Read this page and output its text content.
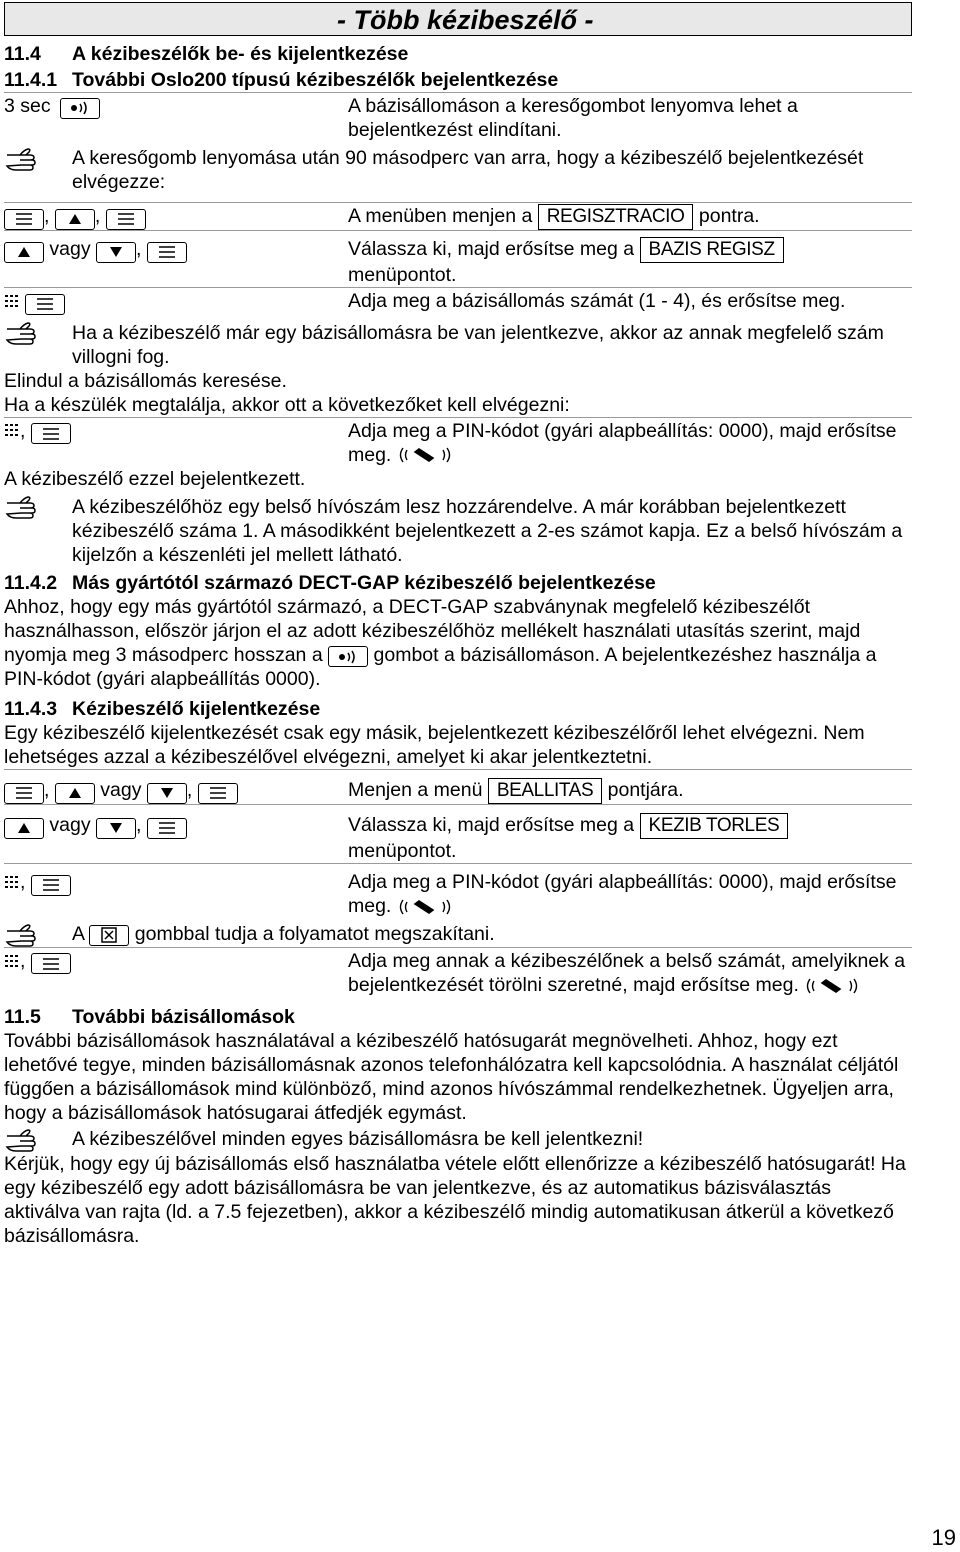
- Több kézibeszélő -
11.4 A kézibeszélők be- és kijelentkezése
11.4.1 További Oslo200 típusú kézibeszélők bejelentkezése
3 sec	A bázisállomáson a keresőgombot lenyomva lehet a bejelentkezést elindítani.
A keresőgomb lenyomása után 90 másodperc van arra, hogy a kézibeszélő bejelentkezését elvégezze:
, ,	A menüben menjen a REGISZTRACIO pontra.
vagy ,	Válassza ki, majd erősítse meg a BAZIS REGISZ
menüpontot.

Adja meg a bázisállomás számát (1 - 4), és erősítse meg.
Ha a kézibeszélő már egy bázisállomásra be van jelentkezve, akkor az annak megfelelő szám villogni fog.
Elindul a bázisállomás keresése.
Ha a készülék megtalálja, akkor ott a következőket kell elvégezni:
,	Adja meg a PIN-kódot (gyári alapbeállítás: 0000), majd erősítse meg.
A kézibeszélő ezzel bejelentkezett.
A kézibeszélőhöz egy belső hívószám lesz hozzárendelve. A már korábban bejelentkezett kézibeszélő száma 1. A másodikként bejelentkezett a 2-es számot kapja. Ez a belső hívószám a kijelzőn a készenléti jel mellett látható.
11.4.2 Más gyártótól származó DECT-GAP kézibeszélő bejelentkezése
Ahhoz, hogy egy más gyártótól származó, a DECT-GAP szabványnak megfelelő kézibeszélőt használhasson, először járjon el az adott kézibeszélőhöz mellékelt használati utasítás szerint, majd nyomja meg 3 másodperc hosszan a	gombot a bázisállomáson. A bejelentkezéshez használja a PIN-kódot (gyári alapbeállítás 0000).
11.4.3 Kézibeszélő kijelentkezése
Egy kézibeszélő kijelentkezését csak egy másik, bejelentkezett kézibeszélőről lehet elvégezni. Nem lehetséges azzal a kézibeszélővel elvégezni, amelyet ki akar jelentkeztetni.
,	vagy ,	Menjen a menü BEALLITAS pontjára.
vagy ,	Válassza ki, majd erősítse meg a KEZIB TORLES
menüpontot.
,	Adja meg a PIN-kódot (gyári alapbeállítás: 0000), majd erősítse meg.
A	gombbal tudja a folyamatot megszakítani.
,	Adja meg annak a kézibeszélőnek a belső számát, amelyiknek a bejelentkezését törölni szeretné, majd erősítse meg.
11.5 További bázisállomások
További bázisállomások használatával a kézibeszélő hatósugarát megnövelheti. Ahhoz, hogy ezt lehetővé tegye, minden bázisállomásnak azonos telefonhálózatra kell kapcsolódnia. A használat céljától függően a bázisállomások mind különböző, mind azonos hívószámmal rendelkezhetnek. Ügyeljen arra, hogy a bázisállomások hatósugarai átfedjék egymást.
A kézibeszélővel minden egyes bázisállomásra be kell jelentkezni!
Kérjük, hogy egy új bázisállomás első használatba vétele előtt ellenőrizze a kézibeszélő hatósugarát! Ha egy kézibeszélő egy adott bázisállomásra be van jelentkezve, és az automatikus bázisválasztás aktiválva van rajta (ld. a 7.5 fejezetben), akkor a kézibeszélő mindig automatikusan átkerül a következő bázisállomásra.
19
